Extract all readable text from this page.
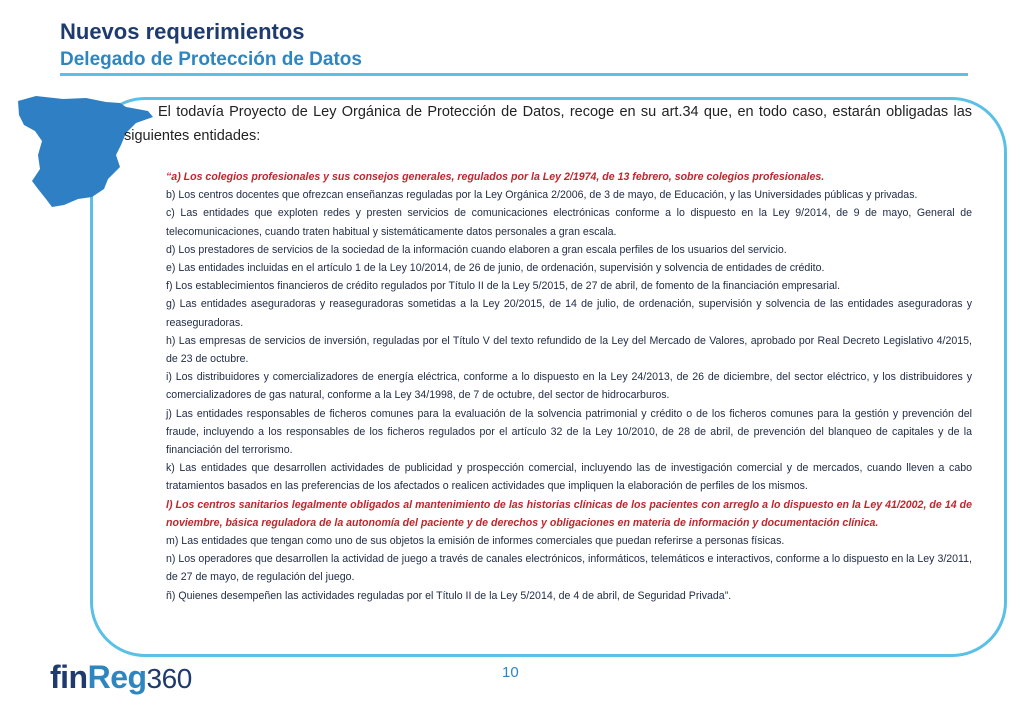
Nuevos requerimientos
Delegado de Protección de Datos
El todavía Proyecto de Ley Orgánica de Protección de Datos, recoge en su art.34 que, en todo caso, estarán obligadas las siguientes entidades:

“a) Los colegios profesionales y sus consejos generales, regulados por la Ley 2/1974, de 13 febrero, sobre colegios profesionales.

b) Los centros docentes que ofrezcan enseñanzas reguladas por la Ley Orgánica 2/2006, de 3 de mayo, de Educación, y las Universidades públicas y privadas.

c) Las entidades que exploten redes y presten servicios de comunicaciones electrónicas conforme a lo dispuesto en la Ley 9/2014, de 9 de mayo, General de telecomunicaciones, cuando traten habitual y sistemáticamente datos personales a gran escala.

d) Los prestadores de servicios de la sociedad de la información cuando elaboren a gran escala perfiles de los usuarios del servicio.

e) Las entidades incluidas en el artículo 1 de la Ley 10/2014, de 26 de junio, de ordenación, supervisión y solvencia de entidades de crédito.

f) Los establecimientos financieros de crédito regulados por Título II de la Ley 5/2015, de 27 de abril, de fomento de la financiación empresarial.

g) Las entidades aseguradoras y reaseguradoras sometidas a la Ley 20/2015, de 14 de julio, de ordenación, supervisión y solvencia de las entidades aseguradoras y reaseguradoras.

h) Las empresas de servicios de inversión, reguladas por el Título V del texto refundido de la Ley del Mercado de Valores, aprobado por Real Decreto Legislativo 4/2015, de 23 de octubre.

i) Los distribuidores y comercializadores de energía eléctrica, conforme a lo dispuesto en la Ley 24/2013, de 26 de diciembre, del sector eléctrico, y los distribuidores y comercializadores de gas natural, conforme a la Ley 34/1998, de 7 de octubre, del sector de hidrocarburos.

j) Las entidades responsables de ficheros comunes para la evaluación de la solvencia patrimonial y crédito o de los ficheros comunes para la gestión y prevención del fraude, incluyendo a los responsables de los ficheros regulados por el artículo 32 de la Ley 10/2010, de 28 de abril, de prevención del blanqueo de capitales y de la financiación del terrorismo.

k) Las entidades que desarrollen actividades de publicidad y prospección comercial, incluyendo las de investigación comercial y de mercados, cuando lleven a cabo tratamientos basados en las preferencias de los afectados o realicen actividades que impliquen la elaboración de perfiles de los mismos.

l) Los centros sanitarios legalmente obligados al mantenimiento de las historias clínicas de los pacientes con arreglo a lo dispuesto en la Ley 41/2002, de 14 de noviembre, básica reguladora de la autonomía del paciente y de derechos y obligaciones en materia de información y documentación clínica.

m) Las entidades que tengan como uno de sus objetos la emisión de informes comerciales que puedan referirse a personas físicas.

n) Los operadores que desarrollen la actividad de juego a través de canales electrónicos, informáticos, telemáticos e interactivos, conforme a lo dispuesto en la Ley 3/2011, de 27 de mayo, de regulación del juego.

ñ) Quienes desempeñen las actividades reguladas por el Título II de la Ley 5/2014, de 4 de abril, de Seguridad Privada”.

finReg360	10
